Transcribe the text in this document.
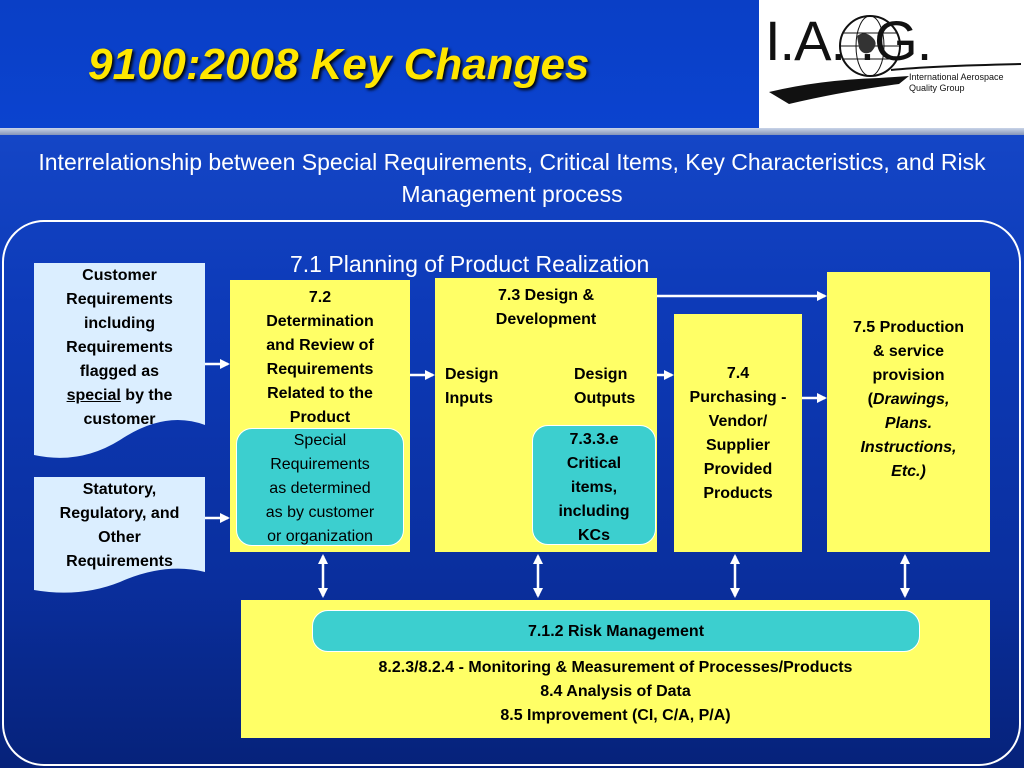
9100:2008 Key Changes	I.A. .G.
International Aerospace
Quality Group
Interrelationship between Special Requirements, Critical Items, Key Characteristics, and Risk Management process
7.1 Planning of Product Realization
Customer
Requirements
including
Requirements
flagged as
special by the
customer
Statutory,
Regulatory, and
Other
Requirements
7.2
Determination
and Review of
Requirements
Related to the
Product
Special
Requirements
as determined
as by customer
or organization
7.3 Design &
Development
Design
Inputs
Design
Outputs
7.3.3.e
Critical
items,
including
KCs
7.4
Purchasing -
Vendor/
Supplier
Provided
Products
7.5 Production
& service
provision
(Drawings,
Plans.
Instructions,
Etc.)
8.2.3/8.2.4 - Monitoring & Measurement of Processes/Products
8.4 Analysis of Data
8.5 Improvement (CI, C/A, P/A)
7.1.2 Risk Management
